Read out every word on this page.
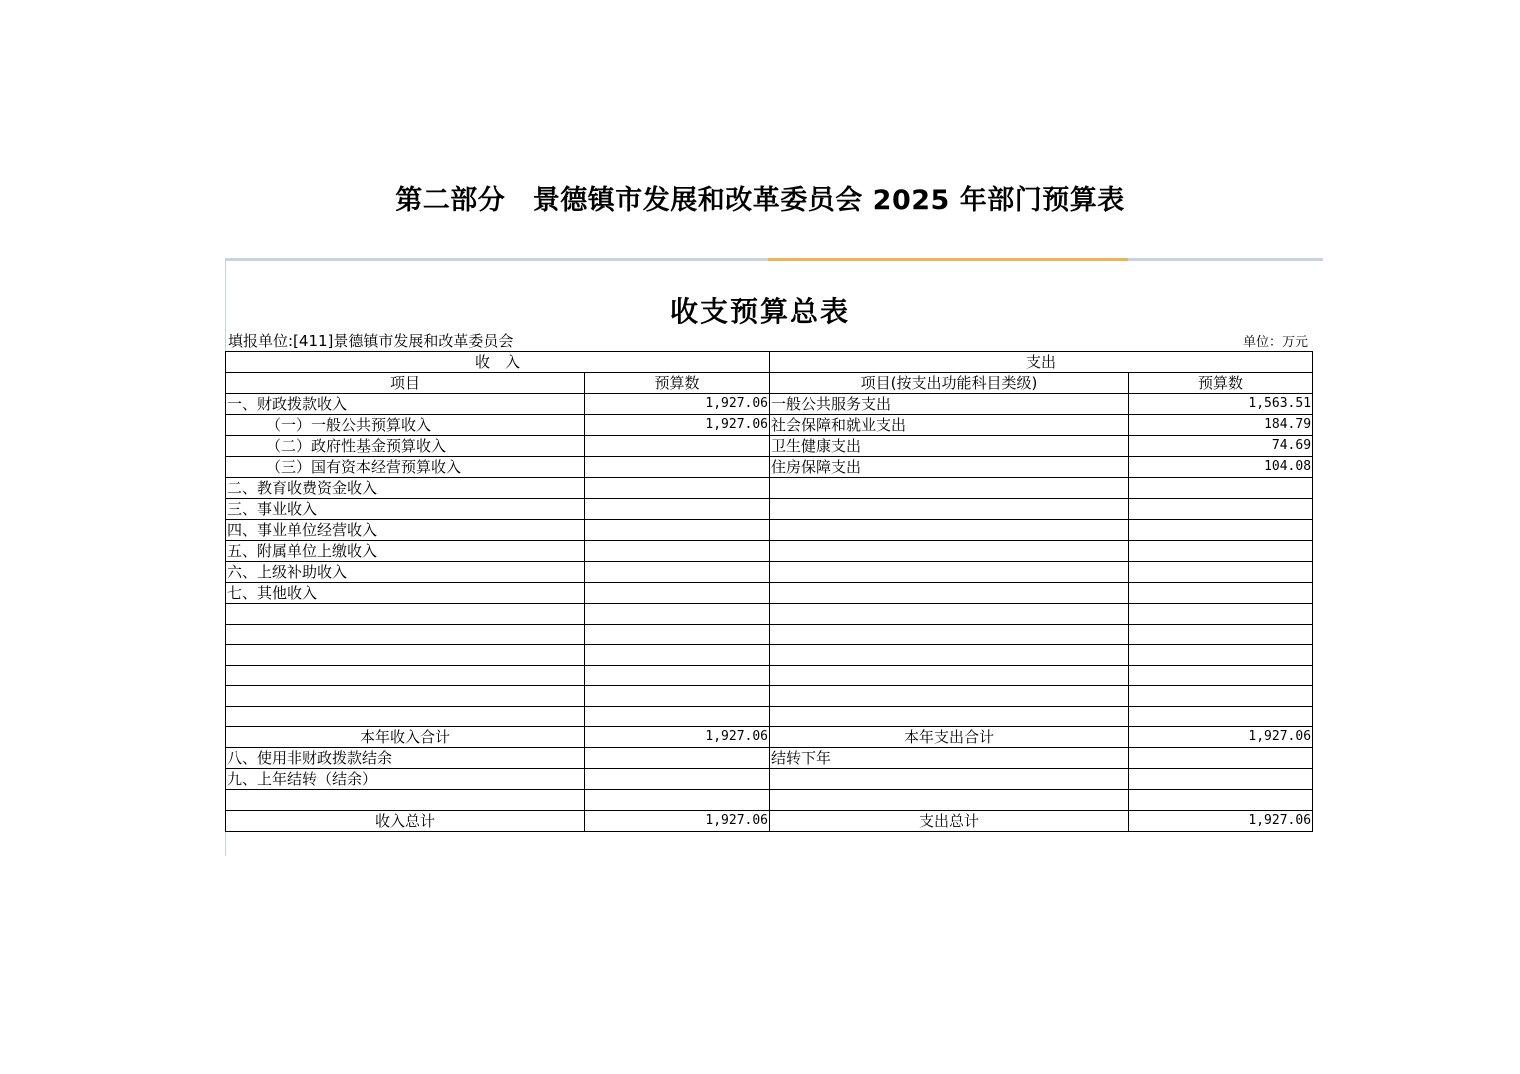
第二部分　景德镇市发展和改革委员会 2025 年部门预算表
收支预算总表
填报单位:[411]景德镇市发展和改革委员会	单位：万元
收　入		支出	
项目	预算数	项目(按支出功能科目类级)	预算数
一、财政拨款收入	1,927.06	一般公共服务支出	1,563.51
（一）一般公共预算收入	1,927.06	社会保障和就业支出	184.79
（二）政府性基金预算收入		卫生健康支出	74.69
（三）国有资本经营预算收入		住房保障支出	104.08
二、教育收费资金收入			
三、事业收入			
四、事业单位经营收入			
五、附属单位上缴收入			
六、上级补助收入			
七、其他收入			

本年收入合计	1,927.06	本年支出合计	1,927.06
八、使用非财政拨款结余		结转下年	
九、上年结转（结余）			

收入总计	1,927.06	支出总计	1,927.06
